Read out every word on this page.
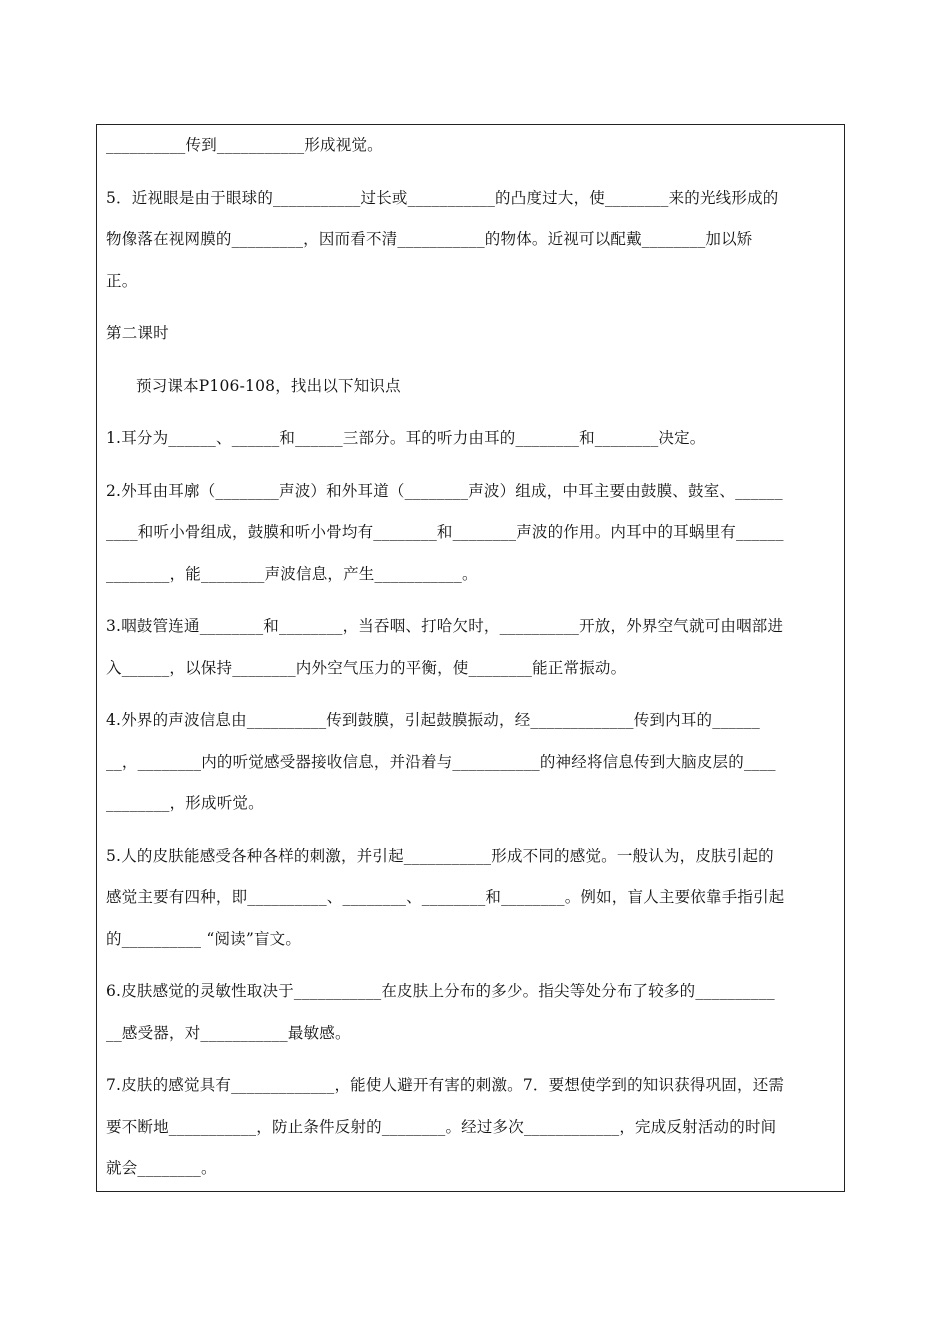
__________传到___________形成视觉。
5．近视眼是由于眼球的___________过长或___________的凸度过大，使________来的光线形成的
物像落在视网膜的_________，因而看不清___________的物体。近视可以配戴________加以矫
正。
第二课时
预习课本P106-108，找出以下知识点
1.耳分为______、______和______三部分。耳的听力由耳的________和________决定。
2.外耳由耳廓（________声波）和外耳道（________声波）组成，中耳主要由鼓膜、鼓室、______
____和听小骨组成，鼓膜和听小骨均有________和________声波的作用。内耳中的耳蜗里有______
________，能________声波信息，产生___________。
3.咽鼓管连通________和________，当吞咽、打哈欠时，__________开放，外界空气就可由咽部进
入______，以保持________内外空气压力的平衡，使________能正常振动。
4.外界的声波信息由__________传到鼓膜，引起鼓膜振动，经_____________传到内耳的______
__，________内的听觉感受器接收信息，并沿着与___________的神经将信息传到大脑皮层的____
________，形成听觉。
5.人的皮肤能感受各种各样的刺激，并引起___________形成不同的感觉。一般认为，皮肤引起的
感觉主要有四种，即__________、________、________和________。例如，盲人主要依靠手指引起
的__________ “阅读”盲文。
6.皮肤感觉的灵敏性取决于___________在皮肤上分布的多少。指尖等处分布了较多的__________
__感受器，对___________最敏感。
7.皮肤的感觉具有_____________，能使人避开有害的刺激。7．要想使学到的知识获得巩固，还需
要不断地___________，防止条件反射的________。经过多次____________，完成反射活动的时间
就会________。
